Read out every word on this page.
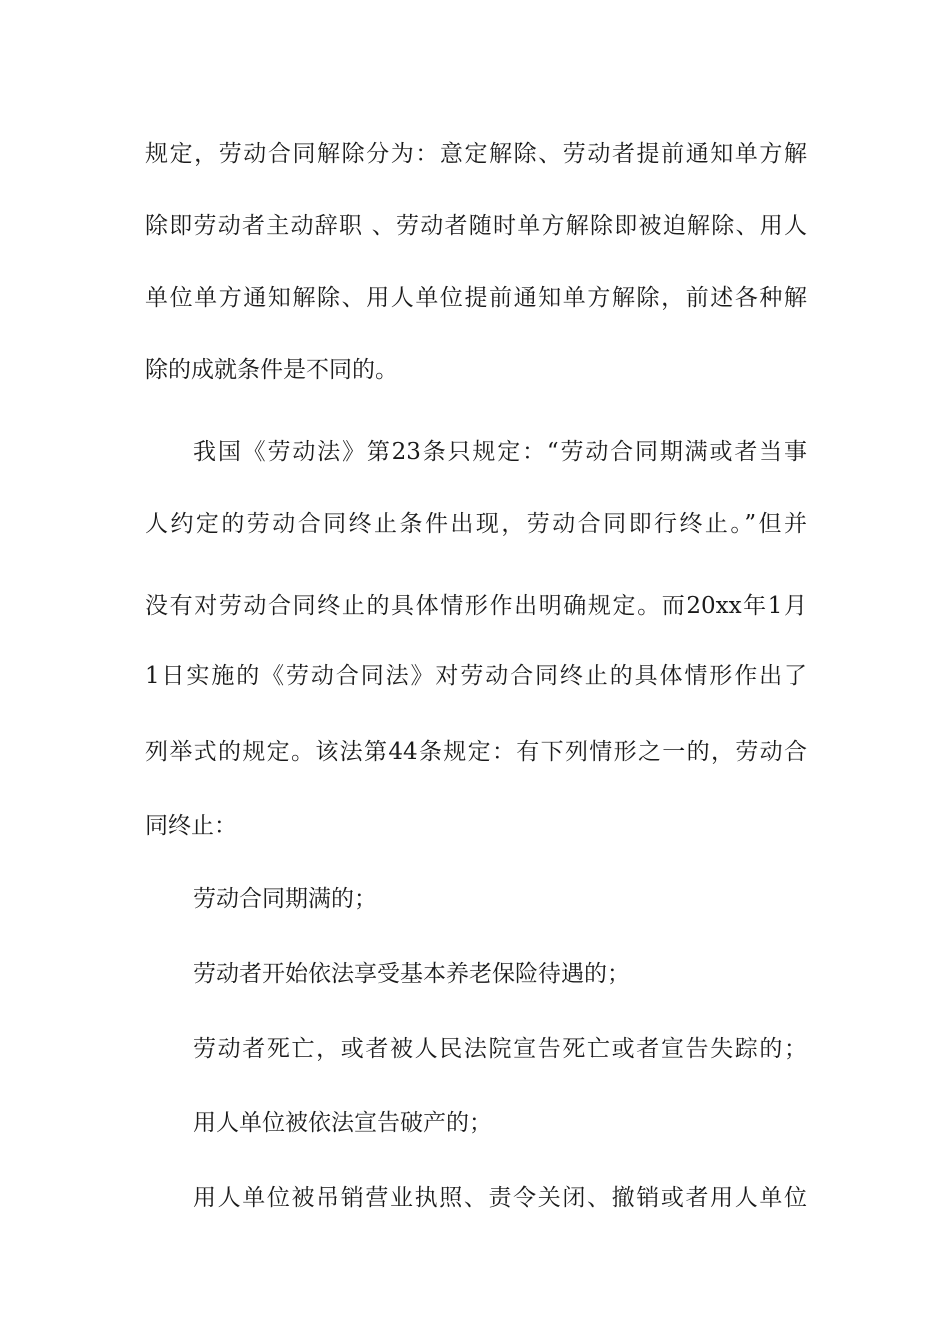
规定，劳动合同解除分为：意定解除、劳动者提前通知单方解
除即劳动者主动辞职 、劳动者随时单方解除即被迫解除、用人
单位单方通知解除、用人单位提前通知单方解除，前述各种解
除的成就条件是不同的。
我国《劳动法》第23条只规定：“劳动合同期满或者当事
人约定的劳动合同终止条件出现，劳动合同即行终止。”但并
没有对劳动合同终止的具体情形作出明确规定。而20xx年1月
1日实施的《劳动合同法》对劳动合同终止的具体情形作出了
列举式的规定。该法第44条规定：有下列情形之一的，劳动合
同终止：
劳动合同期满的；
劳动者开始依法享受基本养老保险待遇的；
劳动者死亡，或者被人民法院宣告死亡或者宣告失踪的；
用人单位被依法宣告破产的；
用人单位被吊销营业执照、责令关闭、撤销或者用人单位
